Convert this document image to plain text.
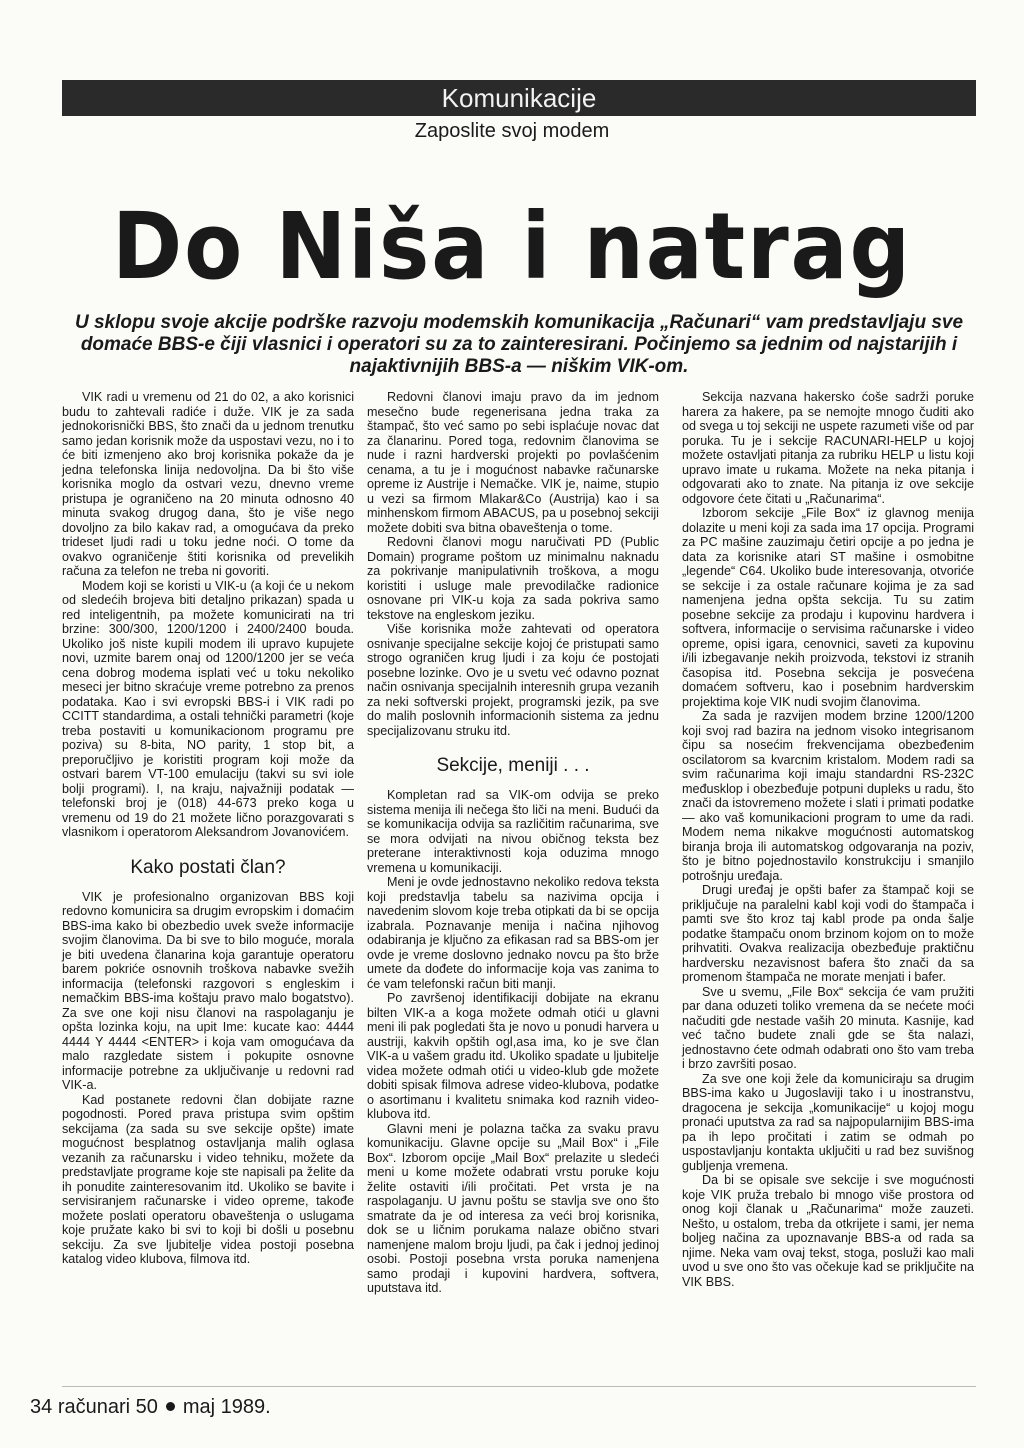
Komunikacije
Zaposlite svoj modem
Do Niša i natrag
U sklopu svoje akcije podrške razvoju modemskih komunikacija „Računari“ vam predstavljaju sve domaće BBS-e čiji vlasnici i operatori su za to zainteresirani. Počinjemo sa jednim od najstarijih i najaktivnijih BBS-a — niškim VIK-om.

VIK radi u vremenu od 21 do 02, a ako korisnici budu to zahtevali radiće i duže. VIK je za sada jednokorisnički BBS, što znači da u jednom trenutku samo jedan korisnik može da uspostavi vezu, no i to će biti izmenjeno ako broj korisnika pokaže da je jedna telefonska linija nedovoljna. Da bi što više korisnika moglo da ostvari vezu, dnevno vreme pristupa je ograničeno na 20 minuta odnosno 40 minuta svakog drugog dana, što je više nego dovoljno za bilo kakav rad, a omogućava da preko trideset ljudi radi u toku jedne noći. O tome da ovakvo ograničenje štiti korisnika od prevelikih računa za telefon ne treba ni govoriti.

Modem koji se koristi u VIK-u (a koji će u nekom od sledećih brojeva biti detaljno prikazan) spada u red inteligentnih, pa možete komunicirati na tri brzine: 300/300, 1200/1200 i 2400/2400 bouda. Ukoliko još niste kupili modem ili upravo kupujete novi, uzmite barem onaj od 1200/1200 jer se veća cena dobrog modema isplati već u toku nekoliko meseci jer bitno skraćuje vreme potrebno za prenos podataka. Kao i svi evropski BBS-i i VIK radi po CCITT standardima, a ostali tehnički parametri (koje treba postaviti u komunikacionom programu pre poziva) su 8-bita, NO parity, 1 stop bit, a preporučljivo je koristiti program koji može da ostvari barem VT-100 emulaciju (takvi su svi iole bolji programi). I, na kraju, najvažniji podatak — telefonski broj je (018) 44-673 preko koga u vremenu od 19 do 21 možete lično porazgovarati s vlasnikom i operatorom Aleksandrom Jovanovićem.

Kako postati član?

VIK je profesionalno organizovan BBS koji redovno komunicira sa drugim evropskim i domaćim BBS-ima kako bi obezbedio uvek sveže informacije svojim članovima. Da bi sve to bilo moguće, morala je biti uvedena članarina koja garantuje operatoru barem pokriće osnovnih troškova nabavke svežih informacija (telefonski razgovori s engleskim i nemačkim BBS-ima koštaju pravo malo bogatstvo). Za sve one koji nisu članovi na raspolaganju je opšta lozinka koju, na upit Ime: kucate kao: 4444 4444 Y 4444 <ENTER> i koja vam omogućava da malo razgledate sistem i pokupite osnovne informacije potrebne za uključivanje u redovni rad VIK-a.

Kad postanete redovni član dobijate razne pogodnosti. Pored prava pristupa svim opštim sekcijama (za sada su sve sekcije opšte) imate mogućnost besplatnog ostavljanja malih oglasa vezanih za računarsku i video tehniku, možete da predstavljate programe koje ste napisali pa želite da ih ponudite zainteresovanim itd. Ukoliko se bavite i servisiranjem računarske i video opreme, takođe možete poslati operatoru obaveštenja o uslugama koje pružate kako bi svi to koji bi došli u posebnu sekciju. Za sve ljubitelje videa postoji posebna katalog video klubova, filmova itd.

Redovni članovi imaju pravo da im jednom mesečno bude regenerisana jedna traka za štampač, što već samo po sebi isplaćuje novac dat za članarinu. Pored toga, redovnim članovima se nude i razni hardverski projekti po povlašćenim cenama, a tu je i mogućnost nabavke računarske opreme iz Austrije i Nemačke. VIK je, naime, stupio u vezi sa firmom Mlakar&Co (Austrija) kao i sa minhenskom firmom ABACUS, pa u posebnoj sekciji možete dobiti sva bitna obaveštenja o tome.

Redovni članovi mogu naručivati PD (Public Domain) programe poštom uz minimalnu naknadu za pokrivanje manipulativnih troškova, a mogu koristiti i usluge male prevodilačke radionice osnovane pri VIK-u koja za sada pokriva samo tekstove na engleskom jeziku.

Više korisnika može zahtevati od operatora osnivanje specijalne sekcije kojoj će pristupati samo strogo ograničen krug ljudi i za koju će postojati posebne lozinke. Ovo je u svetu već odavno poznat način osnivanja specijalnih interesnih grupa vezanih za neki softverski projekt, programski jezik, pa sve do malih poslovnih informacionih sistema za jednu specijalizovanu struku itd.

Sekcije, meniji . . .

Kompletan rad sa VIK-om odvija se preko sistema menija ili nečega što liči na meni. Budući da se komunikacija odvija sa različitim računarima, sve se mora odvijati na nivou običnog teksta bez preterane interaktivnosti koja oduzima mnogo vremena u komunikaciji.

Meni je ovde jednostavno nekoliko redova teksta koji predstavlja tabelu sa nazivima opcija i navedenim slovom koje treba otipkati da bi se opcija izabrala. Poznavanje menija i načina njihovog odabiranja je ključno za efikasan rad sa BBS-om jer ovde je vreme doslovno jednako novcu pa što brže umete da dođete do informacije koja vas zanima to će vam telefonski račun biti manji.

Po završenoj identifikaciji dobijate na ekranu bilten VIK-a a koga možete odmah otići u glavni meni ili pak pogledati šta je novo u ponudi harvera u austriji, kakvih opštih ogl,asa ima, ko je sve član VIK-a u vašem gradu itd. Ukoliko spadate u ljubitelje videa možete odmah otići u video-klub gde možete dobiti spisak filmova adrese video-klubova, podatke o asortimanu i kvalitetu snimaka kod raznih video-klubova itd.

Glavni meni je polazna tačka za svaku pravu komunikaciju. Glavne opcije su „Mail Box“ i „File Box“. Izborom opcije „Mail Box“ prelazite u sledeći meni u kome možete odabrati vrstu poruke koju želite ostaviti i/ili pročitati. Pet vrsta je na raspolaganju. U javnu poštu se stavlja sve ono što smatrate da je od interesa za veći broj korisnika, dok se u ličnim porukama nalaze obično stvari namenjene malom broju ljudi, pa čak i jednoj jedinoj osobi. Postoji posebna vrsta poruka namenjena samo prodaji i kupovini hardvera, softvera, uputstava itd.

Sekcija nazvana hakersko ćoše sadrži poruke harera za hakere, pa se nemojte mnogo čuditi ako od svega u toj sekciji ne uspete razumeti više od par poruka. Tu je i sekcije RACUNARI-HELP u kojoj možete ostavljati pitanja za rubriku HELP u listu koji upravo imate u rukama. Možete na neka pitanja i odgovarati ako to znate. Na pitanja iz ove sekcije odgovore ćete čitati u „Računarima“.

Izborom sekcije „File Box“ iz glavnog menija dolazite u meni koji za sada ima 17 opcija. Programi za PC mašine zauzimaju četiri opcije a po jedna je data za korisnike atari ST mašine i osmobitne „legende“ C64. Ukoliko bude interesovanja, otvoriće se sekcije i za ostale računare kojima je za sad namenjena jedna opšta sekcija. Tu su zatim posebne sekcije za prodaju i kupovinu hardvera i softvera, informacije o servisima računarske i video opreme, opisi igara, cenovnici, saveti za kupovinu i/ili izbegavanje nekih proizvoda, tekstovi iz stranih časopisa itd. Posebna sekcija je posvećena domaćem softveru, kao i posebnim hardverskim projektima koje VIK nudi svojim članovima.

Za sada je razvijen modem brzine 1200/1200 koji svoj rad bazira na jednom visoko integrisanom čipu sa nosećim frekvencijama obezbeđenim oscilatorom sa kvarcnim kristalom. Modem radi sa svim računarima koji imaju standardni RS-232C međusklop i obezbeđuje potpuni dupleks u radu, što znači da istovremeno možete i slati i primati podatke — ako vaš komunikacioni program to ume da radi. Modem nema nikakve mogućnosti automatskog biranja broja ili automatskog odgovaranja na poziv, što je bitno pojednostavilo konstrukciju i smanjilo potrošnju uređaja.

Drugi uređaj je opšti bafer za štampač koji se priključuje na paralelni kabl koji vodi do štampača i pamti sve što kroz taj kabl prode pa onda šalje podatke štampaču onom brzinom kojom on to može prihvatiti. Ovakva realizacija obezbeđuje praktičnu hardversku nezavisnost bafera što znači da sa promenom štampača ne morate menjati i bafer.

Sve u svemu, „File Box“ sekcija će vam pružiti par dana oduzeti toliko vremena da se nećete moći načuditi gde nestade vaših 20 minuta. Kasnije, kad već tačno budete znali gde se šta nalazi, jednostavno ćete odmah odabrati ono što vam treba i brzo završiti posao.

Za sve one koji žele da komuniciraju sa drugim BBS-ima kako u Jugoslaviji tako i u inostranstvu, dragocena je sekcija „komunikacije“ u kojoj mogu pronaći uputstva za rad sa najpopularnijim BBS-ima pa ih lepo pročitati i zatim se odmah po uspostavljanju kontakta uključiti u rad bez suvišnog gubljenja vremena.

Da bi se opisale sve sekcije i sve mogućnosti koje VIK pruža trebalo bi mnogo više prostora od onog koji članak u „Računarima“ može zauzeti. Nešto, u ostalom, treba da otkrijete i sami, jer nema boljeg načina za upoznavanje BBS-a od rada sa njime. Neka vam ovaj tekst, stoga, posluži kao mali uvod u sve ono što vas očekuje kad se priključite na VIK BBS.

34 računari 50 maj 1989.
